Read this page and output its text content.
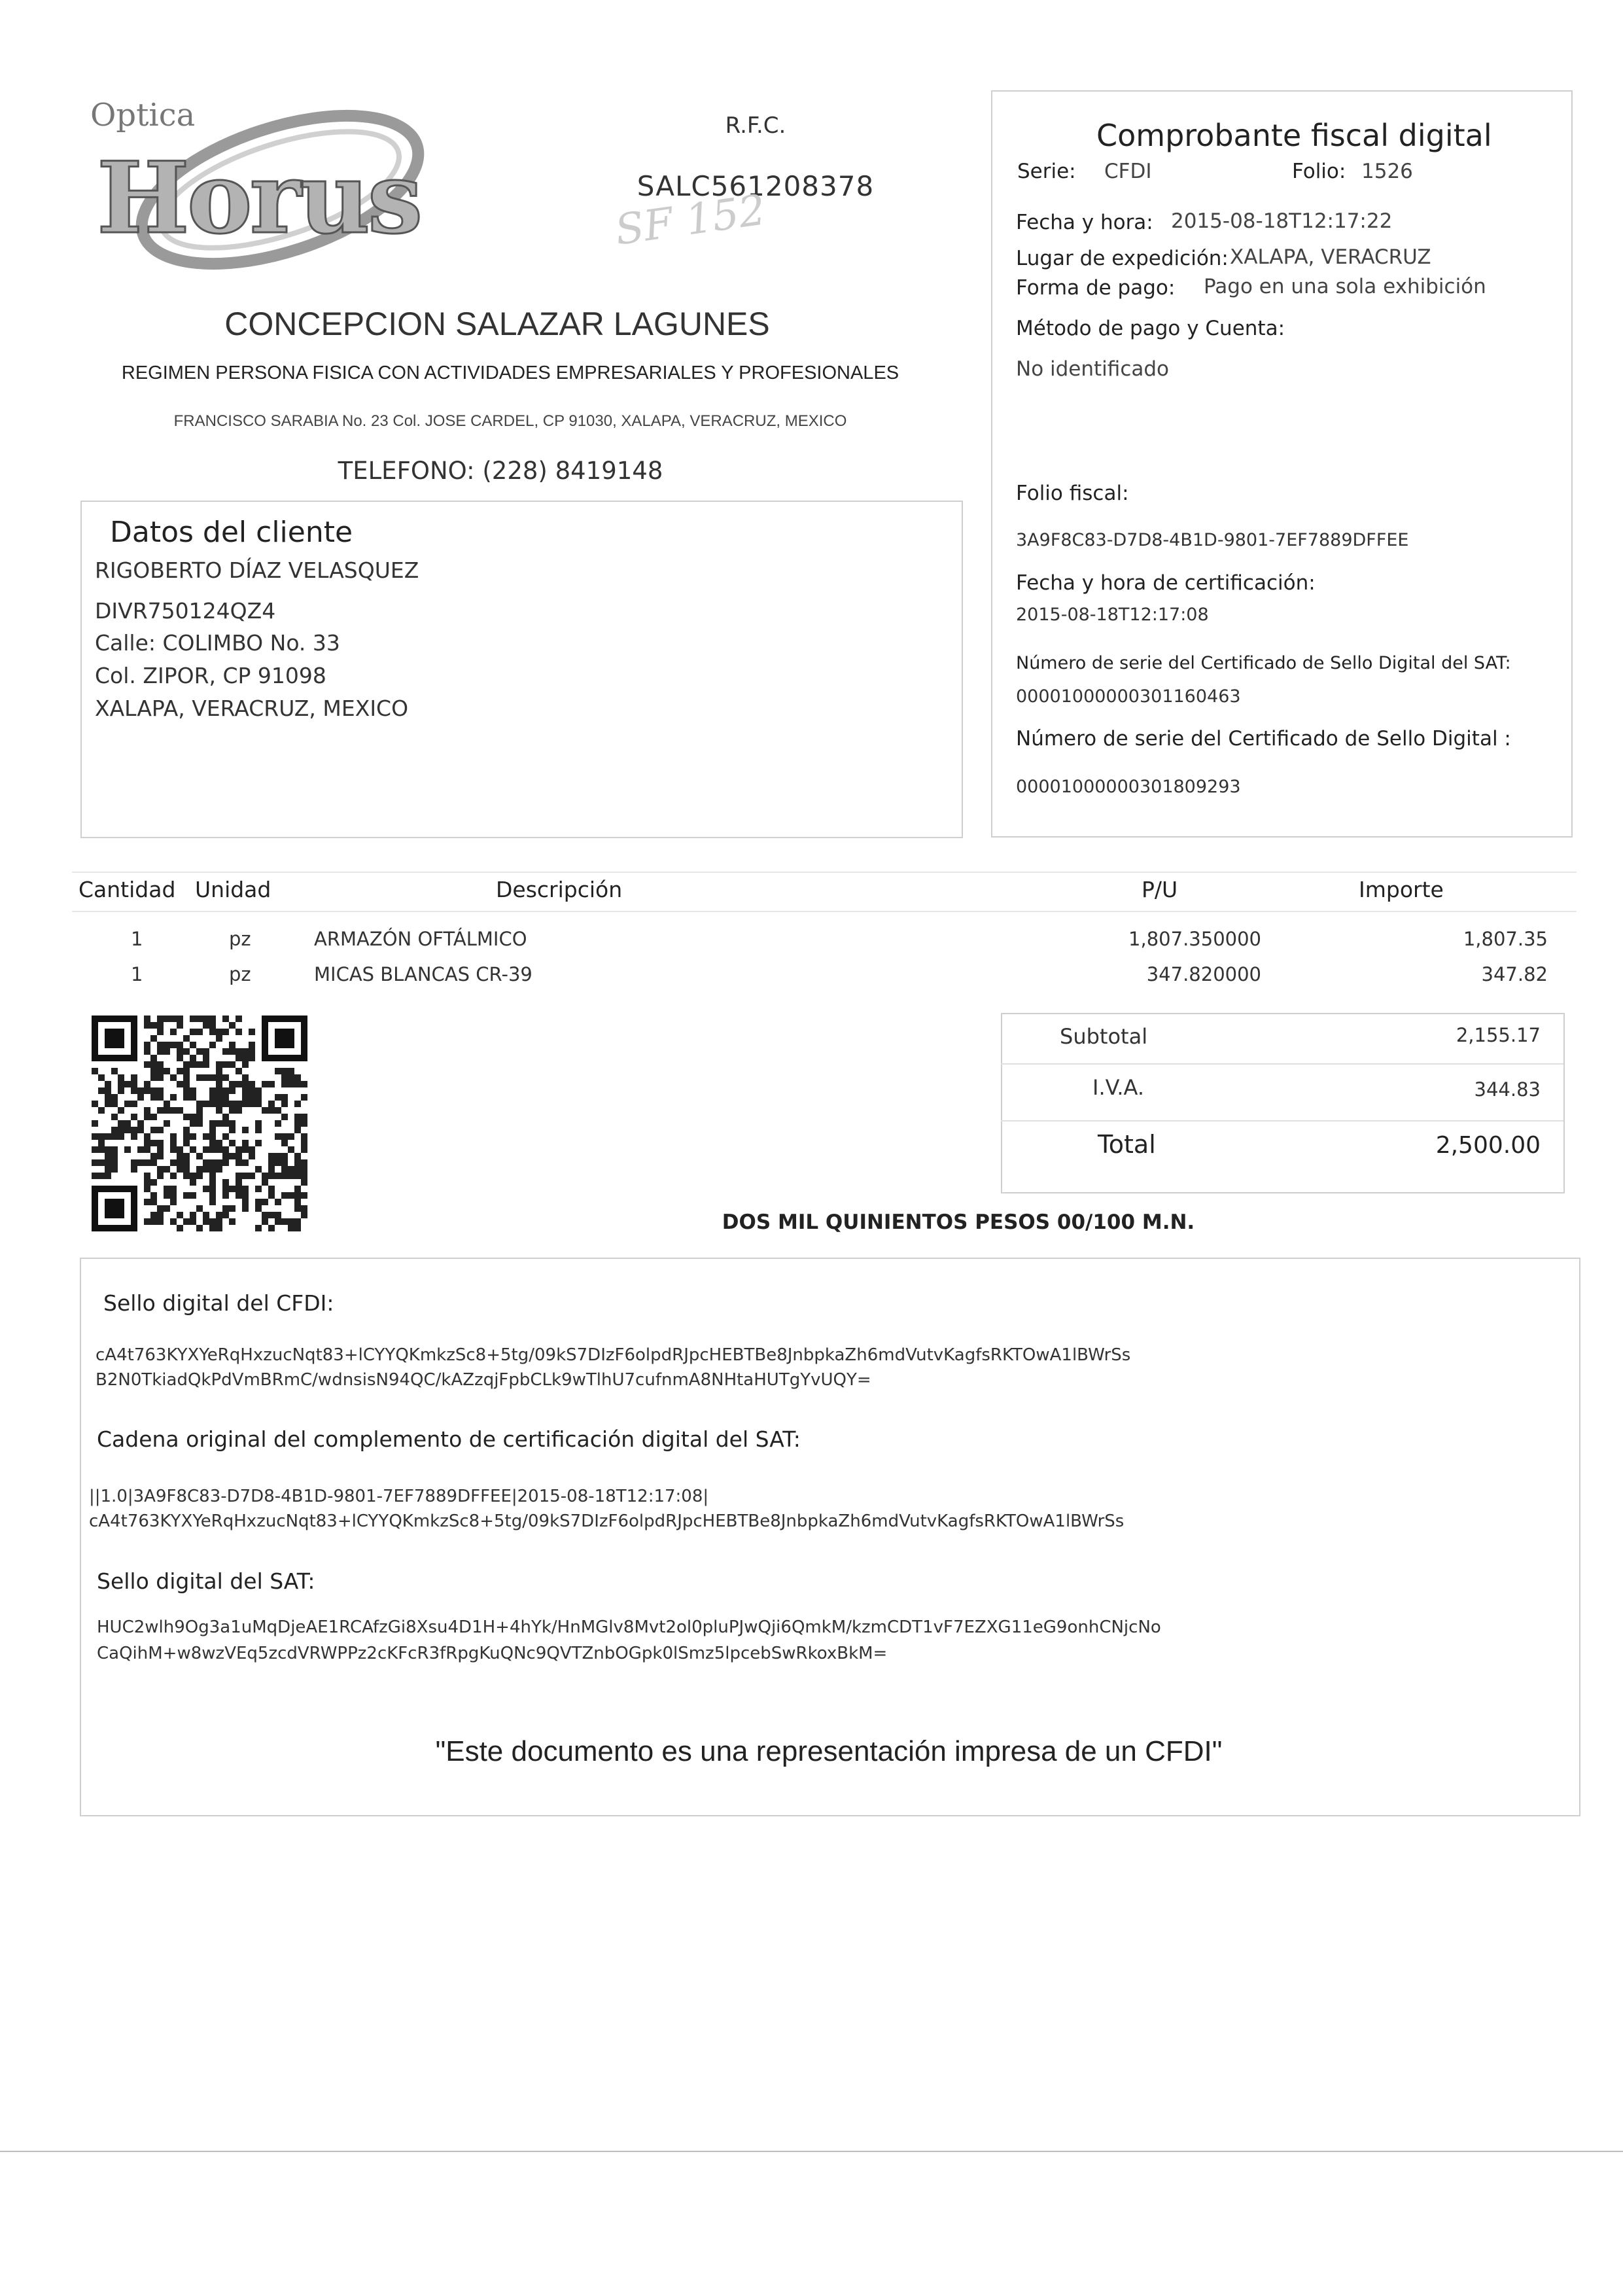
Optica
Horus
R.F.C.
SALC561208378
SF 152
CONCEPCION SALAZAR LAGUNES
REGIMEN PERSONA FISICA CON ACTIVIDADES EMPRESARIALES Y PROFESIONALES
FRANCISCO SARABIA No. 23 Col. JOSE CARDEL, CP 91030, XALAPA, VERACRUZ, MEXICO
TELEFONO: (228) 8419148
Comprobante fiscal digital
Serie: CFDI	Folio: 1526
Fecha y hora: 2015-08-18T12:17:22
Lugar de expedición: XALAPA, VERACRUZ
Forma de pago: Pago en una sola exhibición
Método de pago y Cuenta:
No identificado
Folio fiscal:
3A9F8C83-D7D8-4B1D-9801-7EF7889DFFEE
Fecha y hora de certificación:
2015-08-18T12:17:08
Número de serie del Certificado de Sello Digital del SAT:
00001000000301160463
Número de serie del Certificado de Sello Digital :
00001000000301809293
Datos del cliente
RIGOBERTO DÍAZ VELASQUEZ
DIVR750124QZ4
Calle: COLIMBO No. 33
Col. ZIPOR, CP 91098
XALAPA, VERACRUZ, MEXICO
Cantidad Unidad	Descripción	P/U	Importe
1	pz	ARMAZÓN OFTÁLMICO	1,807.350000	1,807.35
1	pz	MICAS BLANCAS CR-39	347.820000	347.82
Subtotal	2,155.17
I.V.A.	344.83
Total	2,500.00
DOS MIL QUINIENTOS PESOS 00/100 M.N.
Sello digital del CFDI:
cA4t763KYXYeRqHxzucNqt83+lCYYQKmkzSc8+5tg/09kS7DIzF6olpdRJpcHEBTBe8JnbpkaZh6mdVutvKagfsRKTOwA1lBWrSs
B2N0TkiadQkPdVmBRmC/wdnsisN94QC/kAZzqjFpbCLk9wTlhU7cufnmA8NHtaHUTgYvUQY=
Cadena original del complemento de certificación digital del SAT:
||1.0|3A9F8C83-D7D8-4B1D-9801-7EF7889DFFEE|2015-08-18T12:17:08|
cA4t763KYXYeRqHxzucNqt83+lCYYQKmkzSc8+5tg/09kS7DIzF6olpdRJpcHEBTBe8JnbpkaZh6mdVutvKagfsRKTOwA1lBWrSs
Sello digital del SAT:
HUC2wlh9Og3a1uMqDjeAE1RCAfzGi8Xsu4D1H+4hYk/HnMGlv8Mvt2ol0pluPJwQji6QmkM/kzmCDT1vF7EZXG11eG9onhCNjcNo
CaQihM+w8wzVEq5zcdVRWPPz2cKFcR3fRpgKuQNc9QVTZnbOGpk0lSmz5lpcebSwRkoxBkM=
"Este documento es una representación impresa de un CFDI"
